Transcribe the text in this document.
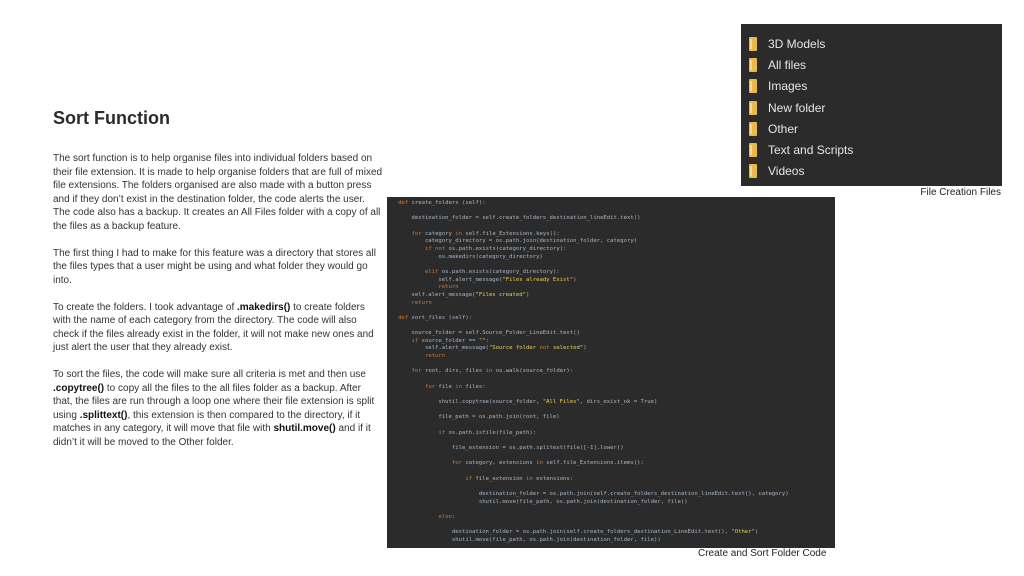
Sort Function

The sort function is to help organise files into individual folders based on their file extension. It is made to help organise folders that are full of mixed file extensions. The folders organised are also made with a button press and if they don’t exist in the destination folder, the code alerts the user. The code also has a backup. It creates an All Files folder with a copy of all the files as a backup feature.

The first thing I had to make for this feature was a directory that stores all the files types that a user might be using and what folder they would go into.

To create the folders. I took advantage of .makedirs() to create folders with the name of each category from the directory. The code will also check if the files already exist in the folder, it will not make new ones and just alert the user that they already exist.

To sort the files, the code will make sure all criteria is met and then use .copytree() to copy all the files to the all files folder as a backup. After that, the files are run through a loop one where their file extension is split using .splittext(), this extension is then compared to the directory, if it matches in any category, it will move that file with shutil.move() and if it didn’t it will be moved to the Other folder.

3D Models
All files
Images
New folder
Other
Text and Scripts
Videos
File Creation Files
def create_folders (self):

destination_folder = self.create_folders_destination_lineEdit.text()

for category in self.file_Extensions.keys():
category_directory = os.path.join(destination_folder, category)
if not os.path.exists(category_directory):
os.makedirs(category_directory)

elif os.path.exists(category_directory):
self.alert_message("Files already Exist")
return
self.alert_message("Files created")
return

def sort_files (self):

source_folder = self.Source_Folder_LineEdit.text()
if source_folder == "":
self.alert_message("Source folder not selected")
return

for root, dirs, files in os.walk(source_folder):

for file in files:

shutil.copytree(source_folder, "All Files", dirs_exist_ok = True)

file_path = os.path.join(root, file)

if os.path.isfile(file_path):

file_extension = os.path.splitext(file)[-1].lower()

for category, extensions in self.file_Extensions.items():

if file_extension in extensions:

destination_folder = os.path.join(self.create_folders_destination_lineEdit.text(), category)
shutil.move(file_path, os.path.join(destination_folder, file))

else:

destination_folder = os.path.join(self.create_folders_destination_LineEdit.text(), "Other")
shutil.move(file_path, os.path.join(destination_folder, file))
Create and Sort Folder Code
